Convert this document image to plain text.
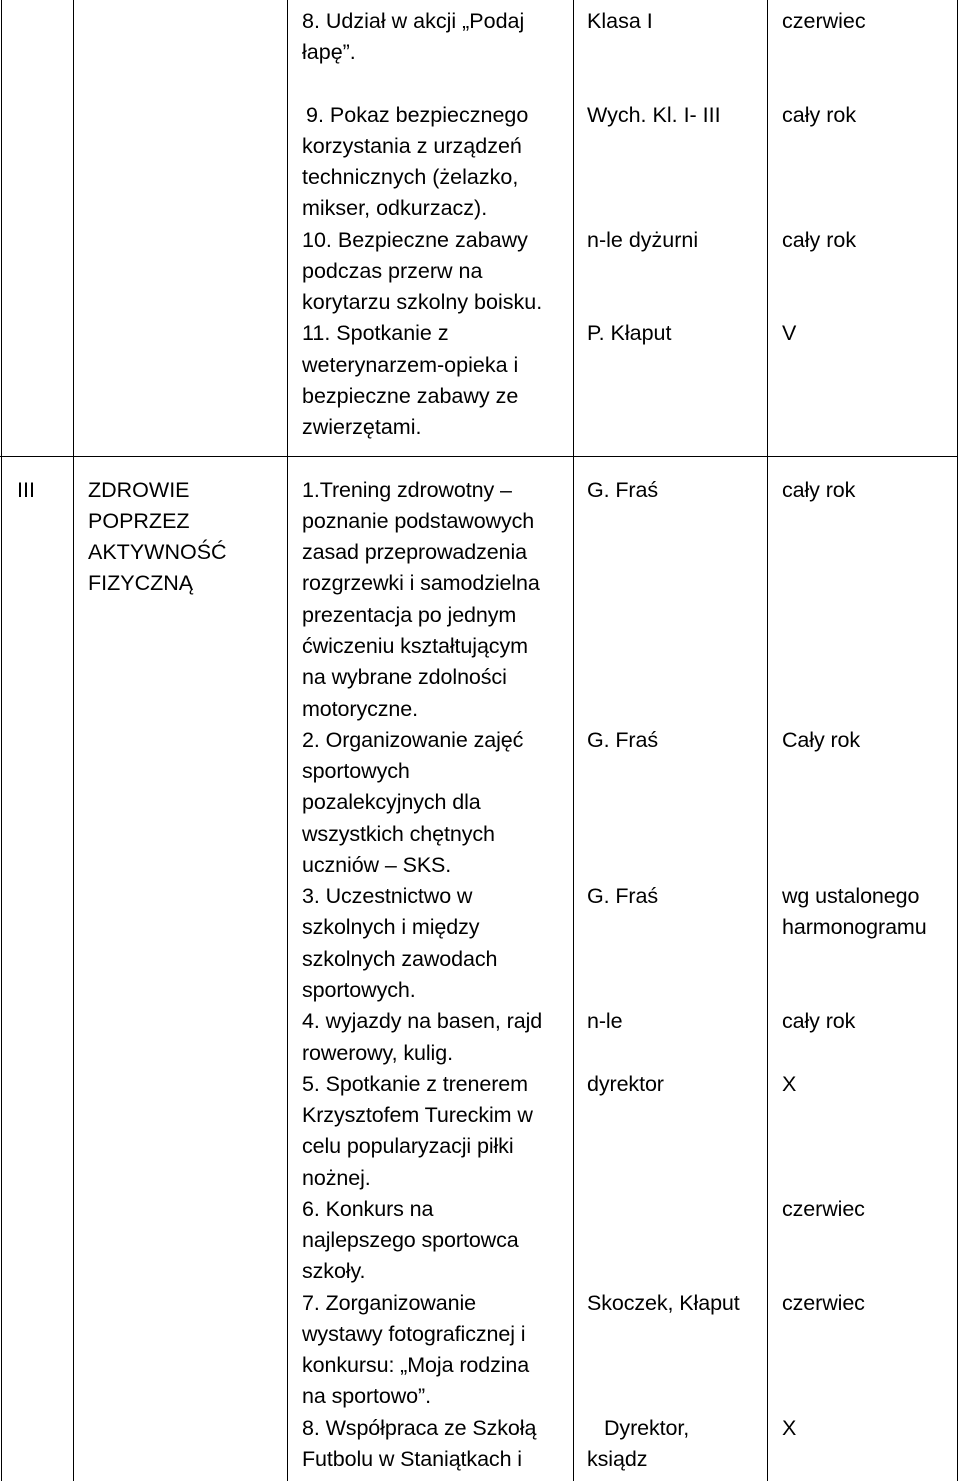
8. Udział w akcji „Podaj
łapę”.
Klasa I	czerwiec
9. Pokaz bezpiecznego
korzystania z urządzeń
technicznych (żelazko,
mikser, odkurzacz).
10. Bezpieczne zabawy
podczas przerw na
korytarzu szkolny boisku.
11. Spotkanie z
weterynarzem-opieka i
bezpieczne zabawy ze
zwierzętami.
Wych. Kl. I- III
n-le dyżurni
P. Kłaput
cały rok
cały rok
V
III ZDROWIE
POPRZEZ
AKTYWNOŚĆ
FIZYCZNĄ
1.Trening zdrowotny –
poznanie podstawowych
zasad przeprowadzenia
rozgrzewki i samodzielna
prezentacja po jednym
ćwiczeniu kształtującym
na wybrane zdolności
motoryczne.
2. Organizowanie zajęć
sportowych
pozalekcyjnych dla
wszystkich chętnych
uczniów – SKS.
3. Uczestnictwo w
szkolnych i między
szkolnych zawodach
sportowych.
4. wyjazdy na basen, rajd
rowerowy, kulig.
5. Spotkanie z trenerem
Krzysztofem Tureckim w
celu popularyzacji piłki
nożnej.
6. Konkurs na
najlepszego sportowca
szkoły.
7. Zorganizowanie
wystawy fotograficznej i
konkursu: „Moja rodzina
na sportowo”.
8. Współpraca ze Szkołą
Futbolu w Staniątkach i
G. Fraś
G. Fraś
G. Fraś
n-le
dyrektor
Skoczek, Kłaput
Dyrektor,
ksiądz
cały rok
Cały rok
wg ustalonego
harmonogramu
cały rok
X
czerwiec
czerwiec
X
